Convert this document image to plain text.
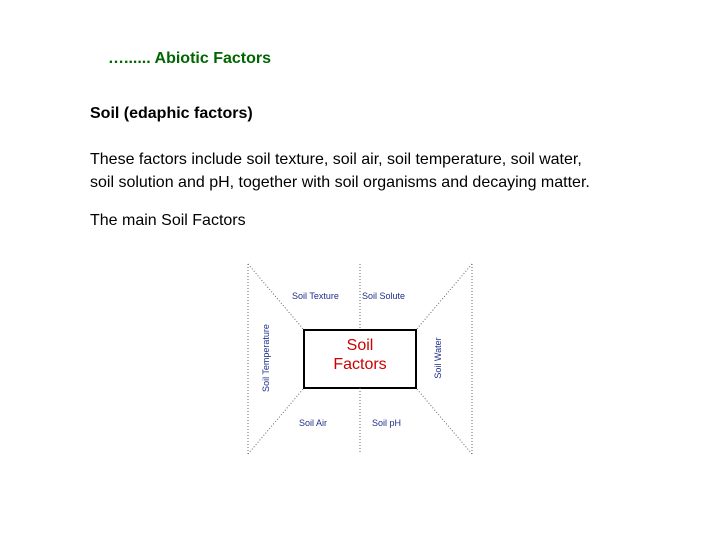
…...... Abiotic Factors
Soil (edaphic factors)
These factors include soil texture, soil air, soil temperature, soil water,
soil solution and pH, together with soil organisms and decaying matter.
The main Soil Factors
Soil
Factors
Soil Texture	Soil Solute
Soil Air	Soil pH
Soil Temperature	Soil Water
